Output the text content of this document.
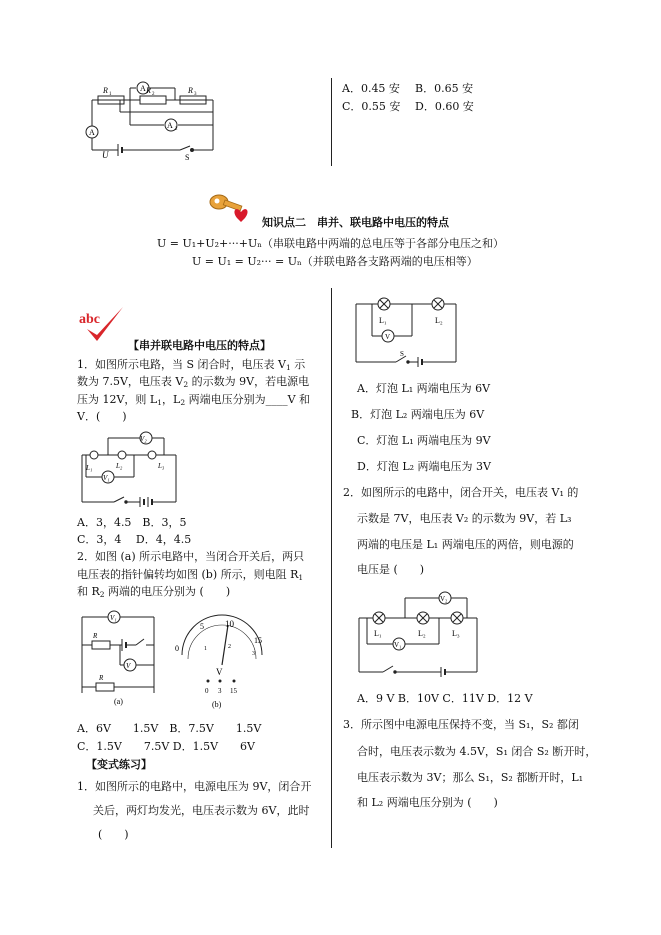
A
A
A 2
R 1	R 2	R 3
U	S
A．0.45 安 B．0.65 安
C．0.55 安 D．0.60 安
知识点二　串并、联电路中电压的特点
U = U₁+U₂+···+Uₙ（串联电路中两端的总电压等于各部分电压之和）
U = U₁ = U₂··· = Uₙ（并联电路各支路两端的电压相等）
abc
【串并联电路中电压的特点】
1．如图所示电路，当 S 闭合时，电压表 $V_1$ 示
数为 7.5V，电压表 $V_2$ 的示数为 9V，若电源电
压为 12V，则 $L_1$，$L_2$ 两端电压分别为____V 和
V．(　　)
V₂
V₁
L₁	L₂	L₃
A．3，4.5　B．3，5
C．3，4　 D．4，4.5
2．如图 (a) 所示电路中，当闭合开关后，两只
电压表的指针偏转均如图 (b) 所示，则电阻 $R_1$
和 $R_2$ 两端的电压分别为 (　　)
V₁
V
R
R
(a)
0
5 10
15
1	2
3
V
0 3 15
(b)
A．6V　　1.5V　B．7.5V　　1.5V
C．1.5V　　7.5V D．1.5V　　6V
【变式练习】
1．如图所示的电路中，电源电压为 9V，闭合开
关后，两灯均发光，电压表示数为 6V，此时
(　　)
L₁	L₂
V
S
A．灯泡 L₁ 两端电压为 6V
B．灯泡 L₂ 两端电压为 6V
C．灯泡 L₁ 两端电压为 9V
D．灯泡 L₂ 两端电压为 3V
2．如图所示的电路中，闭合开关，电压表 V₁ 的
示数是 7V，电压表 V₂ 的示数为 9V，若 L₃
两端的电压是 L₁ 两端电压的两倍，则电源的
电压是 (　　)
V₂
V₁
L₁	L₂	L₃
A．9 V B．10V C．11V D．12 V
3．所示图中电源电压保持不变，当 S₁，S₂ 都闭
合时，电压表示数为 4.5V，S₁ 闭合 S₂ 断开时，
电压表示数为 3V；那么 S₁，S₂ 都断开时，L₁
和 L₂ 两端电压分别为 (　　)
